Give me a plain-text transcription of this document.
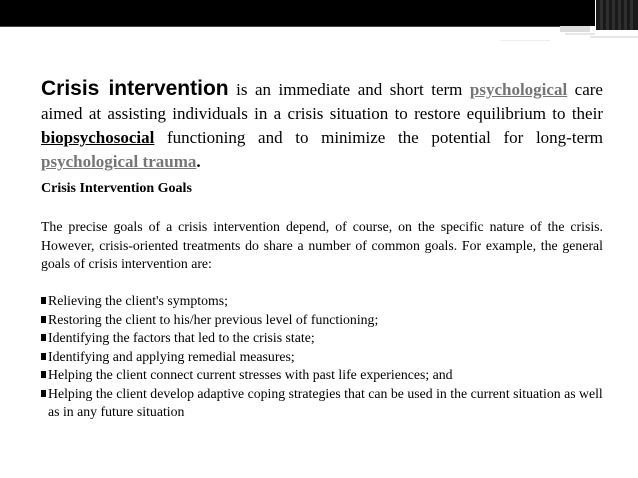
Crisis intervention is an immediate and short term psychological care aimed at assisting individuals in a crisis situation to restore equilibrium to their biopsychosocial functioning and to minimize the potential for long-term psychological trauma.
Crisis Intervention Goals
The precise goals of a crisis intervention depend, of course, on the specific nature of the crisis. However, crisis-oriented treatments do share a number of common goals. For example, the general goals of crisis intervention are:
Relieving the client's symptoms;
Restoring the client to his/her previous level of functioning;
Identifying the factors that led to the crisis state;
Identifying and applying remedial measures;
Helping the client connect current stresses with past life experiences; and
Helping the client develop adaptive coping strategies that can be used in the current situation as well as in any future situation
